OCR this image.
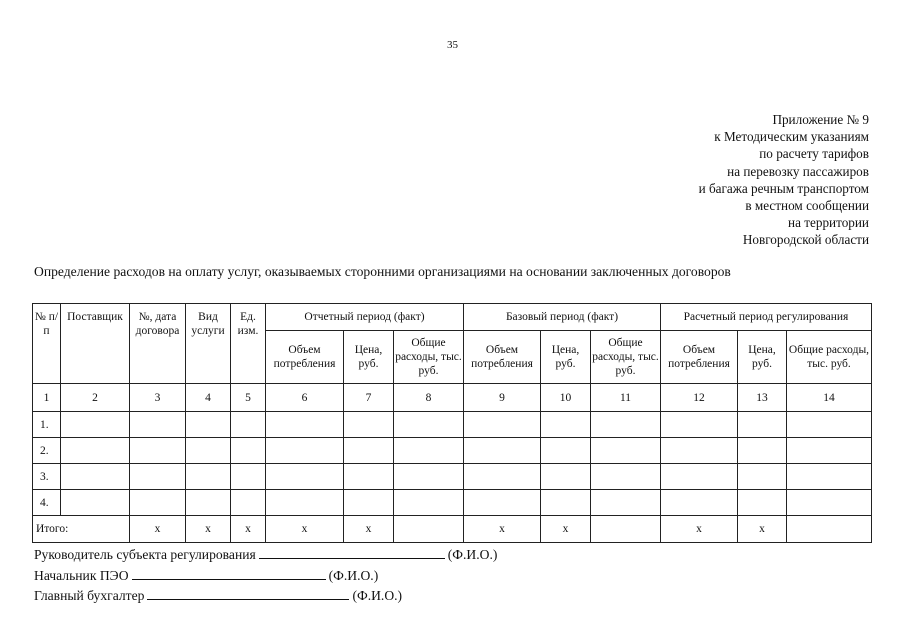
35
Приложение № 9
к Методическим указаниям
по расчету тарифов
на перевозку пассажиров
и багажа речным транспортом
в местном сообщении
на территории
Новгородской области
Определение расходов на оплату услуг, оказываемых сторонними организациями на основании заключенных договоров
№ п/п	Поставщик	№, дата договора	Вид услуги	Ед. изм.	Отчетный период (факт)			Базовый период (факт)			Расчетный период регулирования		
					Объем потребления	Цена, руб.	Общие расходы, тыс. руб.	Объем потребления	Цена, руб.	Общие расходы, тыс. руб.	Объем потребления	Цена, руб.	Общие расходы, тыс. руб.
1	2	3	4	5	6	7	8	9	10	11	12	13	14
1.													
2.													
3.													
4.													
Итого:		x	x	x	x	x		x	x		x	x	
Руководитель субъекта регулирования	(Ф.И.О.)
Начальник ПЭО	(Ф.И.О.)
Главный бухгалтер	(Ф.И.О.)
